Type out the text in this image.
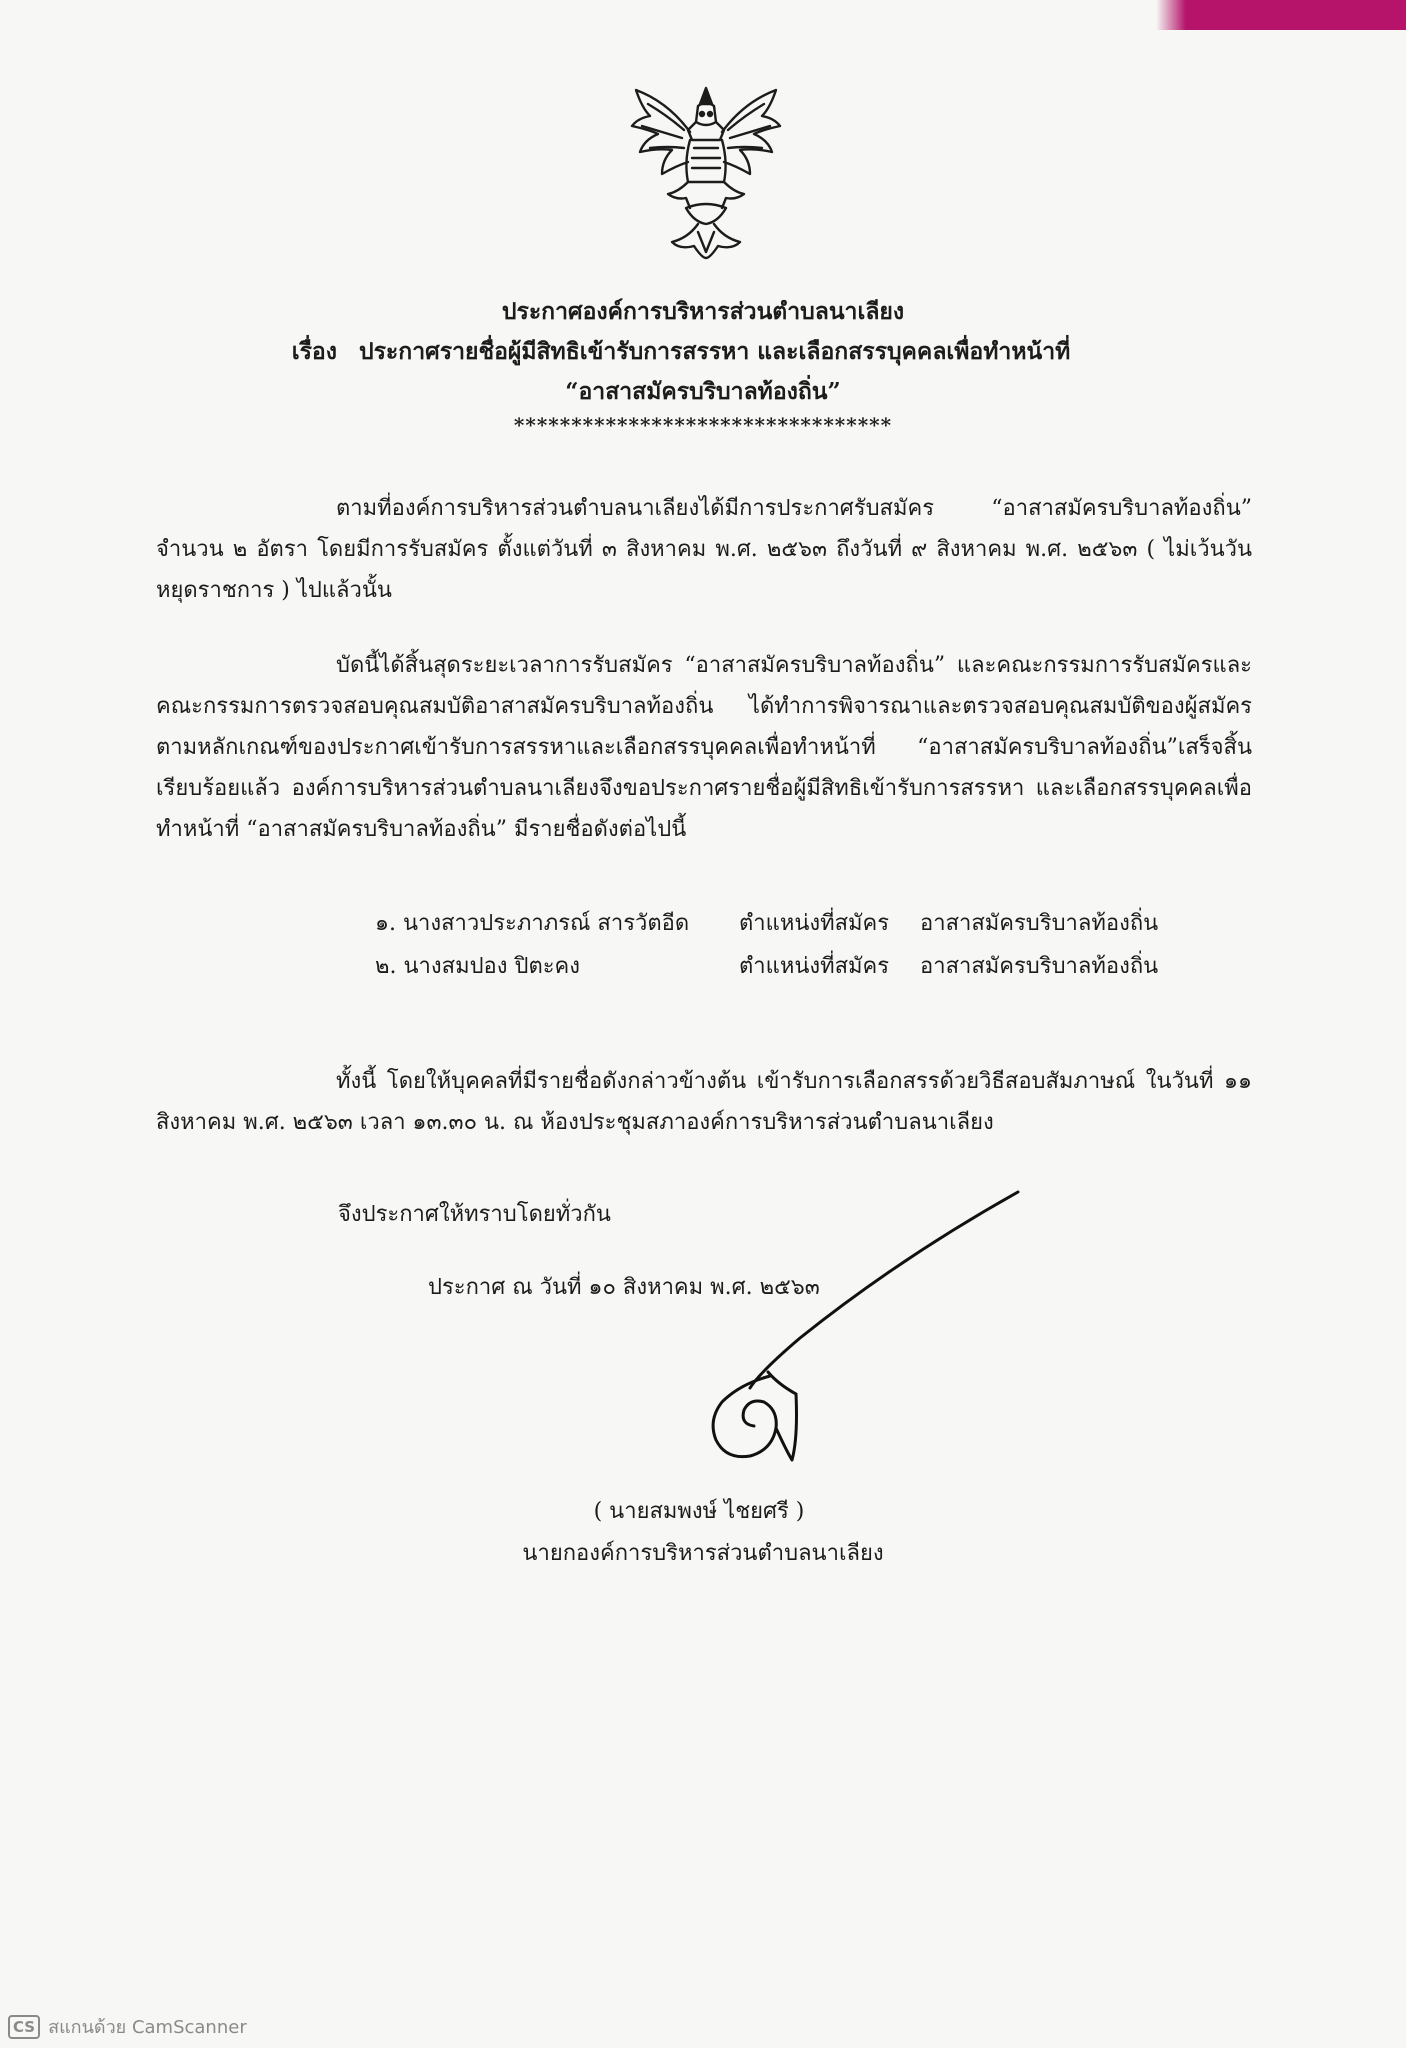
ประกาศองค์การบริหารส่วนตำบลนาเลียง
เรื่อง ประกาศรายชื่อผู้มีสิทธิเข้ารับการสรรหา และเลือกสรรบุคคลเพื่อทำหน้าที่
“อาสาสมัครบริบาลท้องถิ่น”
*********************************

ตามที่องค์การบริหารส่วนตำบลนาเลียงได้มีการประกาศรับสมัคร “อาสาสมัครบริบาลท้องถิ่น” จำนวน ๒ อัตรา โดยมีการรับสมัคร ตั้งแต่วันที่ ๓ สิงหาคม พ.ศ. ๒๕๖๓ ถึงวันที่ ๙ สิงหาคม พ.ศ. ๒๕๖๓ ( ไม่เว้นวันหยุดราชการ ) ไปแล้วนั้น

บัดนี้ได้สิ้นสุดระยะเวลาการรับสมัคร “อาสาสมัครบริบาลท้องถิ่น” และคณะกรรมการรับสมัครและคณะกรรมการตรวจสอบคุณสมบัติอาสาสมัครบริบาลท้องถิ่น ได้ทำการพิจารณาและตรวจสอบคุณสมบัติของผู้สมัครตามหลักเกณฑ์ของประกาศเข้ารับการสรรหาและเลือกสรรบุคคลเพื่อทำหน้าที่ “อาสาสมัครบริบาลท้องถิ่น”เสร็จสิ้นเรียบร้อยแล้ว องค์การบริหารส่วนตำบลนาเลียงจึงขอประกาศรายชื่อผู้มีสิทธิเข้ารับการสรรหา และเลือกสรรบุคคลเพื่อทำหน้าที่ “อาสาสมัครบริบาลท้องถิ่น” มีรายชื่อดังต่อไปนี้

๑. นางสาวประภาภรณ์ สารวัตอีด ตำแหน่งที่สมัคร อาสาสมัครบริบาลท้องถิ่น
๒. นางสมปอง ปิตะคง	ตำแหน่งที่สมัคร อาสาสมัครบริบาลท้องถิ่น

ทั้งนี้ โดยให้บุคคลที่มีรายชื่อดังกล่าวข้างต้น เข้ารับการเลือกสรรด้วยวิธีสอบสัมภาษณ์ ในวันที่ ๑๑ สิงหาคม พ.ศ. ๒๕๖๓ เวลา ๑๓.๓๐ น. ณ ห้องประชุมสภาองค์การบริหารส่วนตำบลนาเลียง

จึงประกาศให้ทราบโดยทั่วกัน
ประกาศ ณ วันที่ ๑๐ สิงหาคม พ.ศ. ๒๕๖๓
( นายสมพงษ์ ไชยศรี )
นายกองค์การบริหารส่วนตำบลนาเลียง
CS สแกนด้วย CamScanner
